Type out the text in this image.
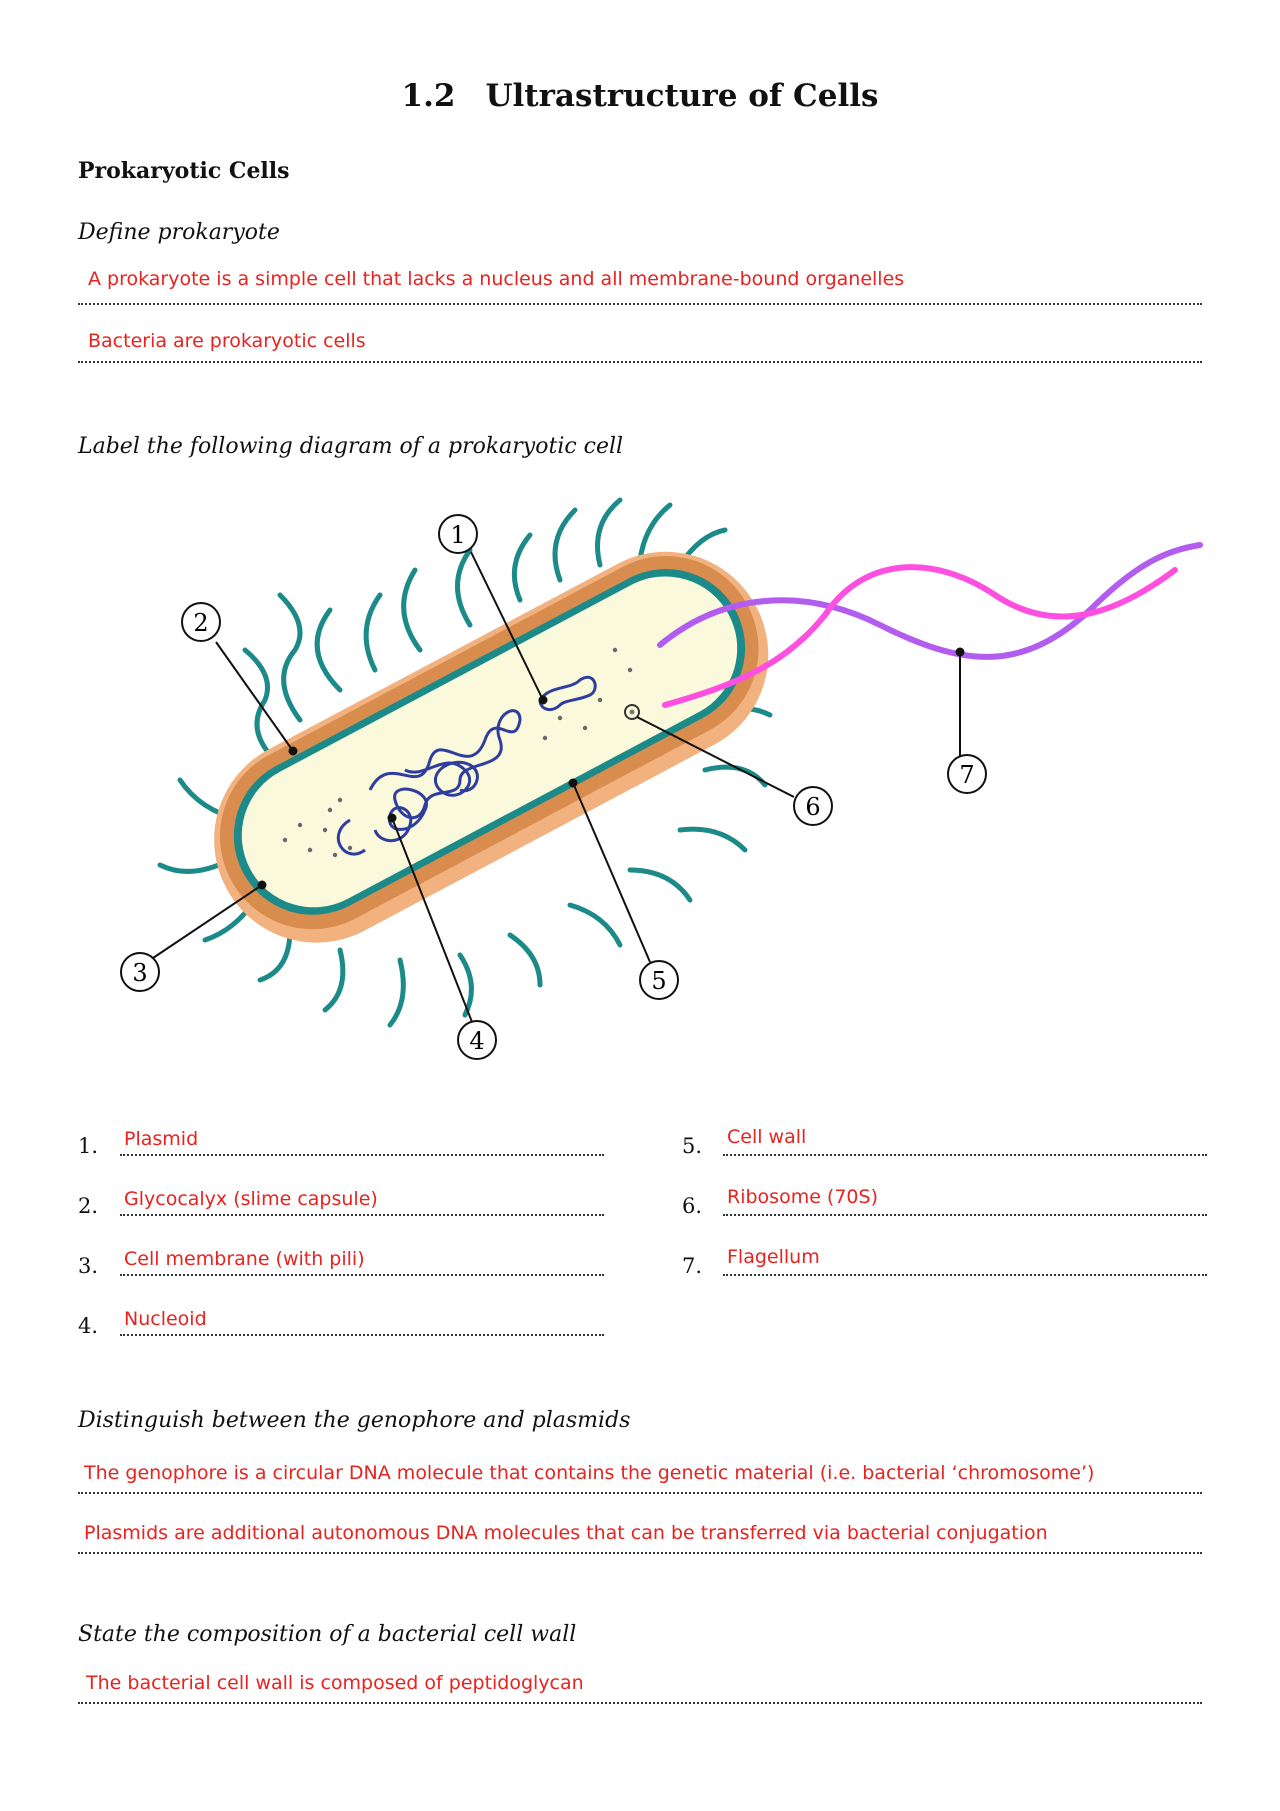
1.2 Ultrastructure of Cells
Prokaryotic Cells
Define prokaryote
A prokaryote is a simple cell that lacks a nucleus and all membrane-bound organelles
Bacteria are prokaryotic cells
Label the following diagram of a prokaryotic cell
1
2
3
4
5
6
7
1. Plasmid
2. Glycocalyx (slime capsule)
3. Cell membrane (with pili)
4. Nucleoid
5. Cell wall
6. Ribosome (70S)
7. Flagellum
Distinguish between the genophore and plasmids
The genophore is a circular DNA molecule that contains the genetic material (i.e. bacterial ‘chromosome’)
Plasmids are additional autonomous DNA molecules that can be transferred via bacterial conjugation
State the composition of a bacterial cell wall
The bacterial cell wall is composed of peptidoglycan
